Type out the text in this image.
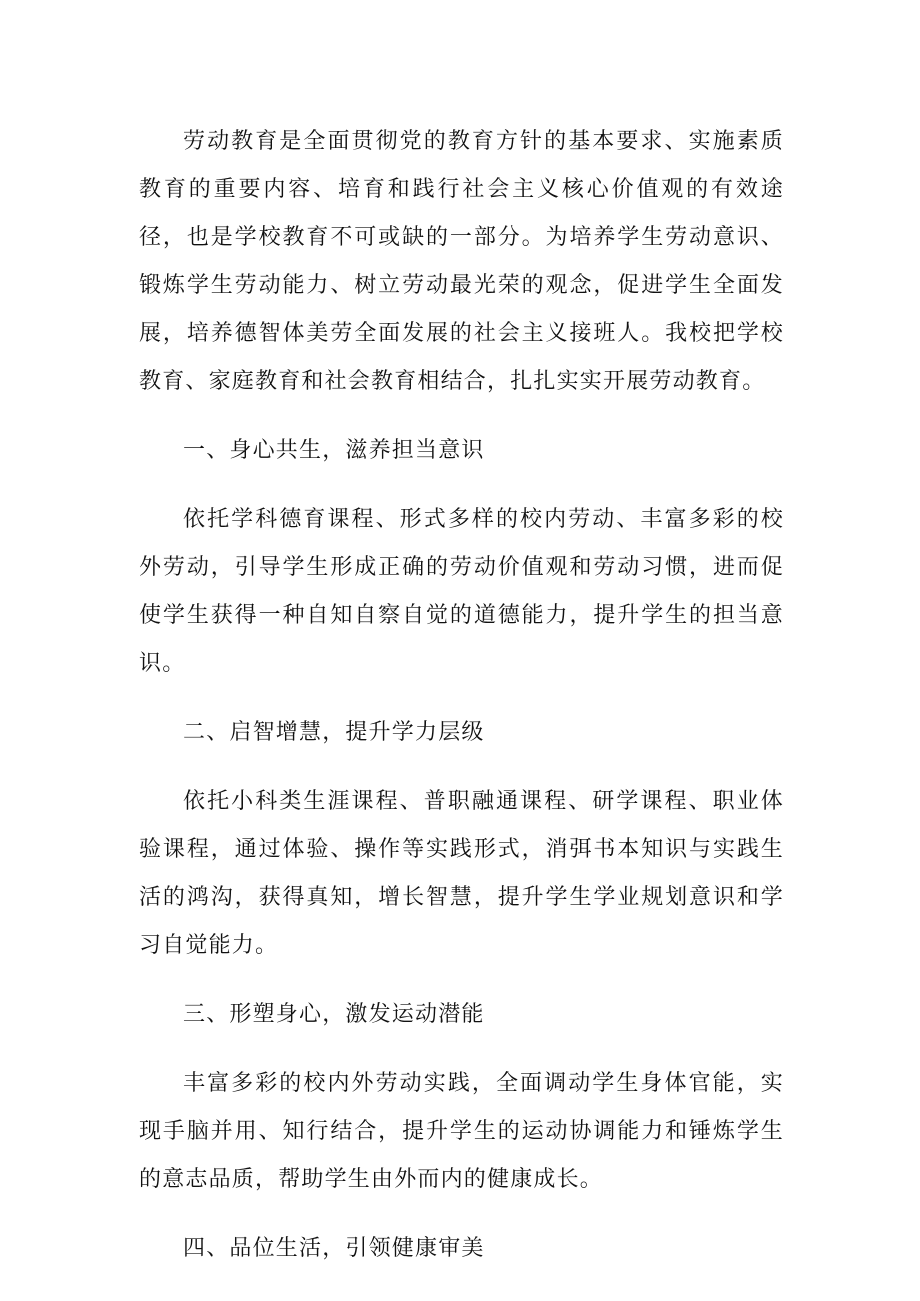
劳动教育是全面贯彻党的教育方针的基本要求、实施素质教育的重要内容、培育和践行社会主义核心价值观的有效途径，也是学校教育不可或缺的一部分。为培养学生劳动意识、锻炼学生劳动能力、树立劳动最光荣的观念，促进学生全面发展，培养德智体美劳全面发展的社会主义接班人。我校把学校教育、家庭教育和社会教育相结合，扎扎实实开展劳动教育。

一、身心共生，滋养担当意识

依托学科德育课程、形式多样的校内劳动、丰富多彩的校外劳动，引导学生形成正确的劳动价值观和劳动习惯，进而促使学生获得一种自知自察自觉的道德能力，提升学生的担当意识。

二、启智增慧，提升学力层级

依托小科类生涯课程、普职融通课程、研学课程、职业体验课程，通过体验、操作等实践形式，消弭书本知识与实践生活的鸿沟，获得真知，增长智慧，提升学生学业规划意识和学习自觉能力。

三、形塑身心，激发运动潜能

丰富多彩的校内外劳动实践，全面调动学生身体官能，实现手脑并用、知行结合，提升学生的运动协调能力和锤炼学生的意志品质，帮助学生由外而内的健康成长。

四、品位生活，引领健康审美
